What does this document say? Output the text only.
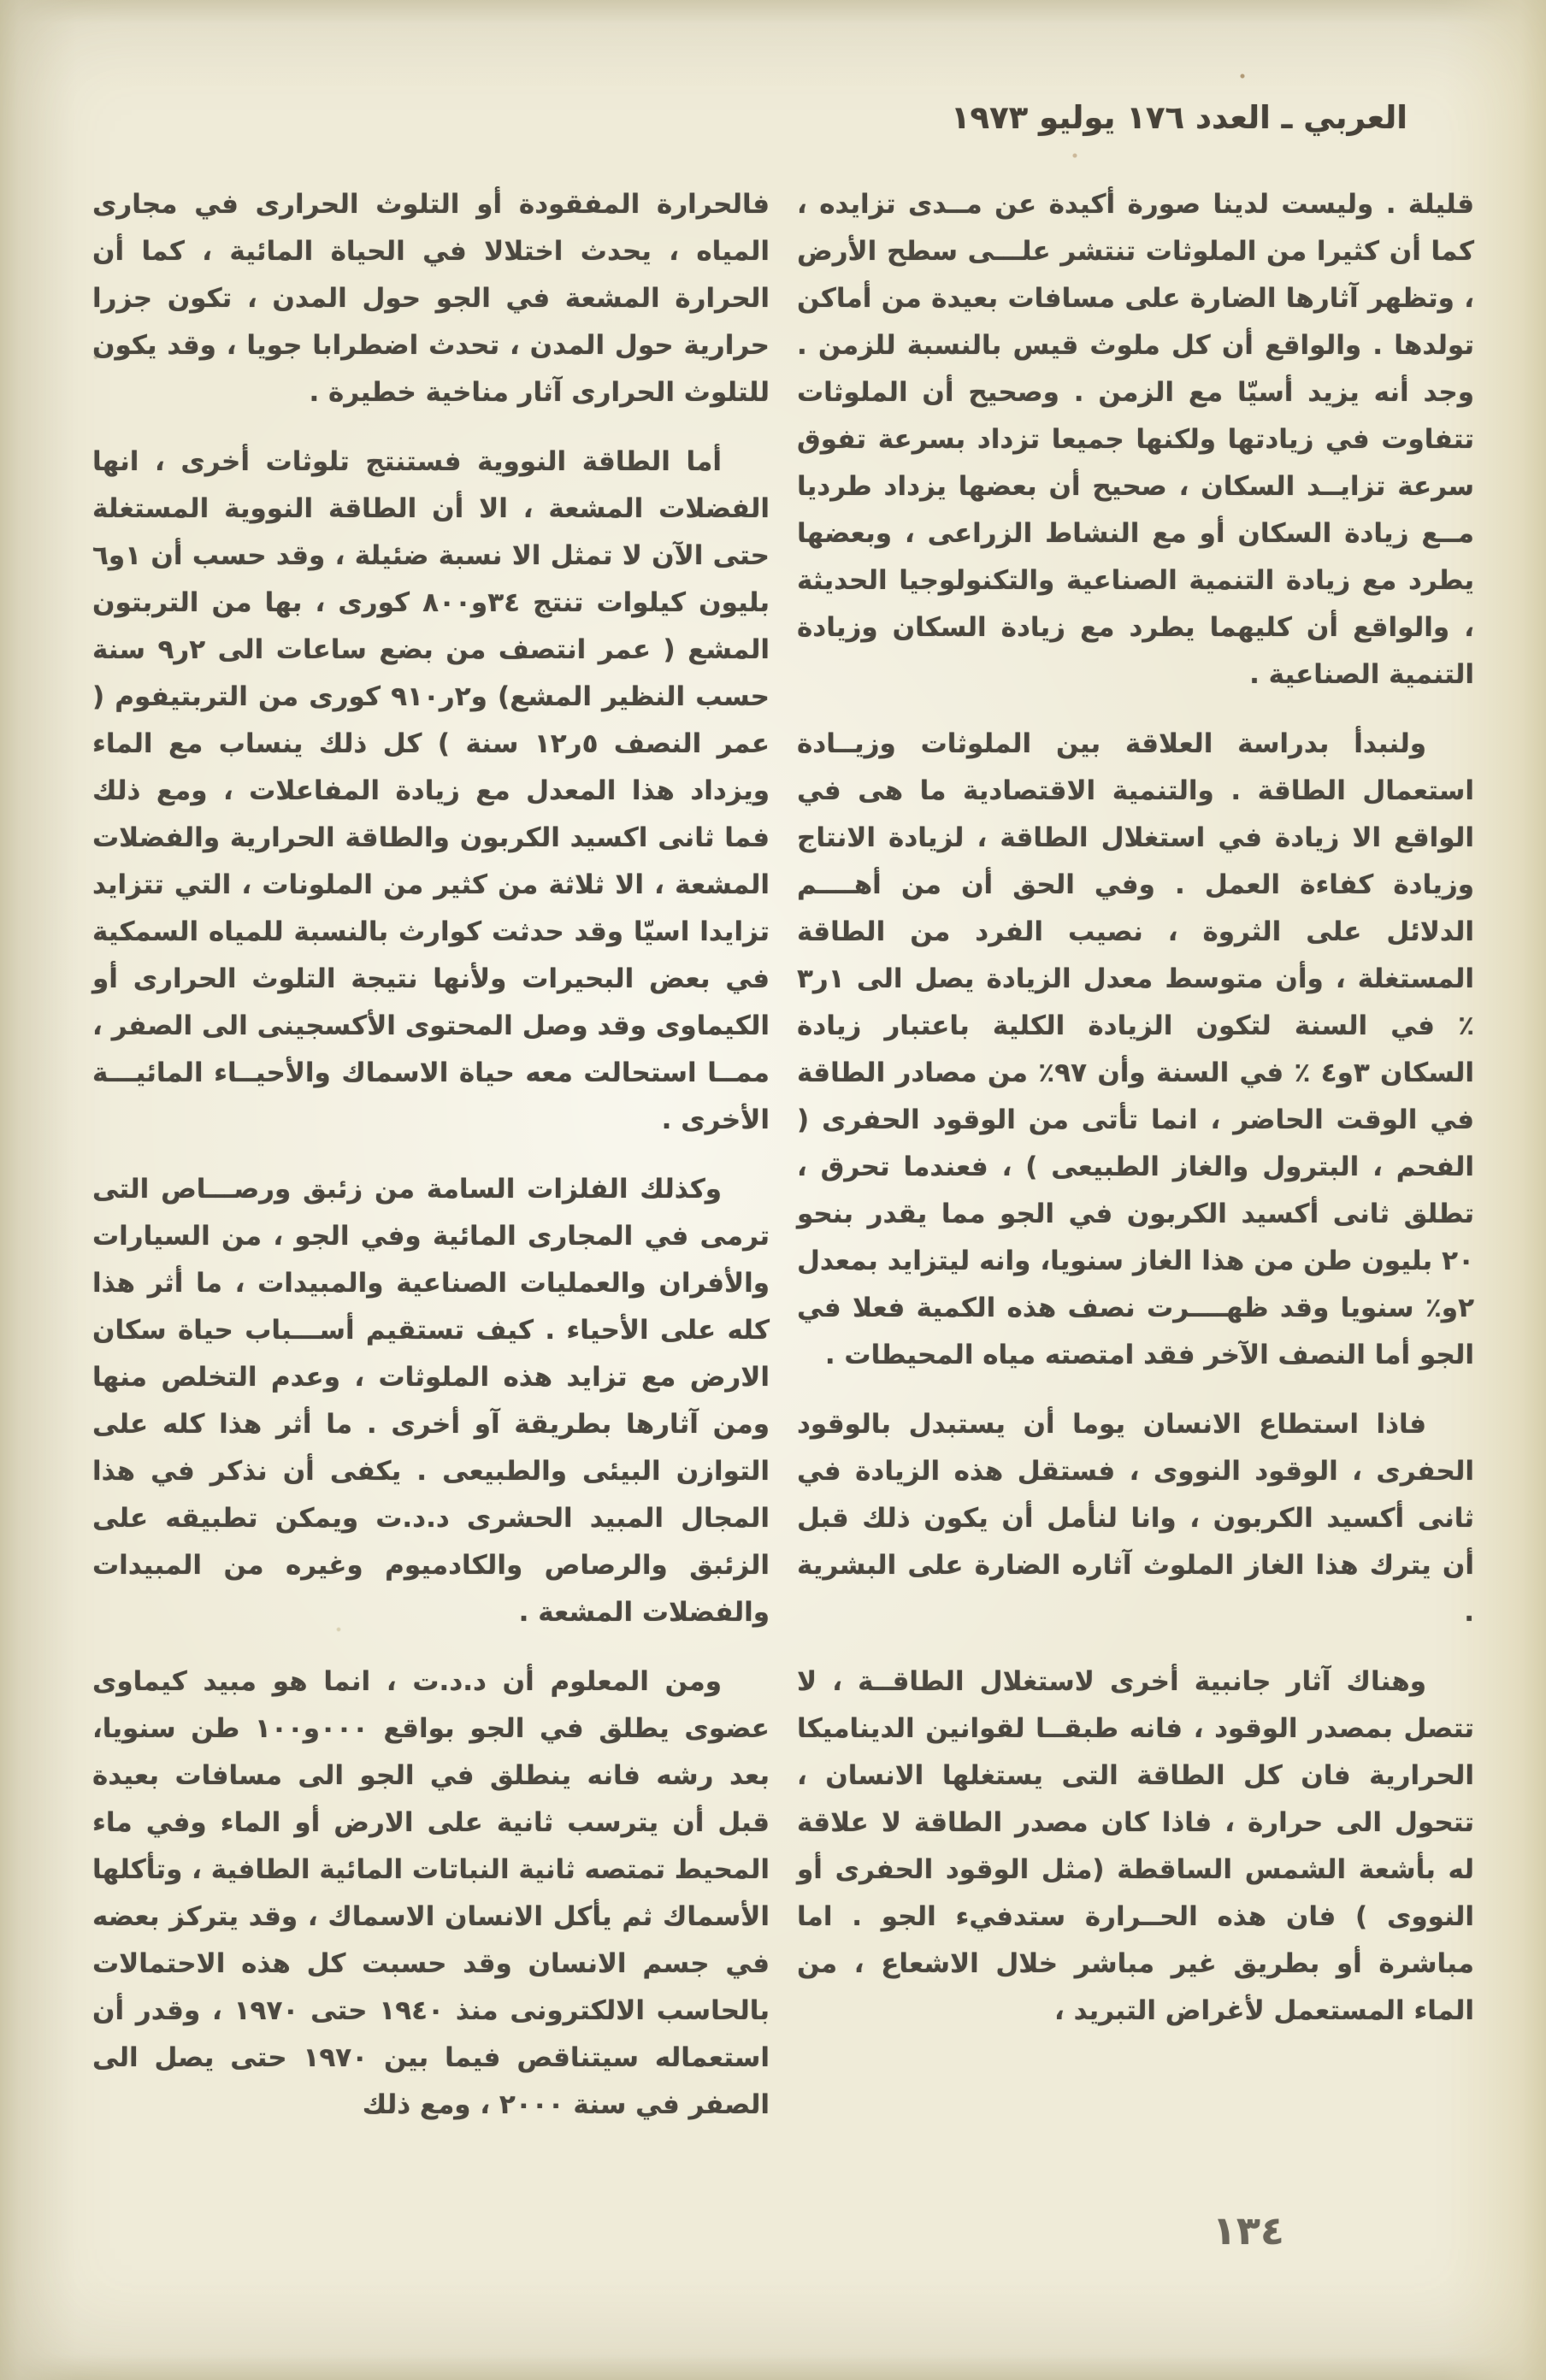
العربي ـ العدد ١٧٦ يوليو ١٩٧٣

قليلة . وليست لدينا صورة أكيدة عن مــدى تزايده ، كما أن كثيرا من الملوثات تنتشر علـــى سطح الأرض ، وتظهر آثارها الضارة على مسافات بعيدة من أماكن تولدها . والواقع أن كل ملوث قيس بالنسبة للزمن . وجد أنه يزيد أسيّا مع الزمن . وصحيح أن الملوثات تتفاوت في زيادتها ولكنها جميعا تزداد بسرعة تفوق سرعة تزايــد السكان ، صحيح أن بعضها يزداد طرديا مــع زيادة السكان أو مع النشاط الزراعى ، وبعضها يطرد مع زيادة التنمية الصناعية والتكنولوجيا الحديثة ، والواقع أن كليهما يطرد مع زيادة السكان وزيادة التنمية الصناعية .

ولنبدأ بدراسة العلاقة بين الملوثات وزيــادة استعمال الطاقة . والتنمية الاقتصادية ما هى في الواقع الا زيادة في استغلال الطاقة ، لزيادة الانتاج وزيادة كفاءة العمل . وفي الحق أن من أهــــم الدلائل على الثروة ، نصيب الفرد من الطاقة المستغلة ، وأن متوسط معدل الزيادة يصل الى ١ر٣ ٪ في السنة لتكون الزيادة الكلية باعتبار زيادة السكان ٣و٤ ٪ في السنة وأن ٩٧٪ من مصادر الطاقة في الوقت الحاضر ، انما تأتى من الوقود الحفرى ( الفحم ، البترول والغاز الطبيعى ) ، فعندما تحرق ، تطلق ثانى أكسيد الكربون في الجو مما يقدر بنحو ٢٠ بليون طن من هذا الغاز سنويا، وانه ليتزايد بمعدل ٢و٪ سنويا وقد ظهــــرت نصف هذه الكمية فعلا في الجو أما النصف الآخر فقد امتصته مياه المحيطات .

فاذا استطاع الانسان يوما أن يستبدل بالوقود الحفرى ، الوقود النووى ، فستقل هذه الزيادة في ثانى أكسيد الكربون ، وانا لنأمل أن يكون ذلك قبل أن يترك هذا الغاز الملوث آثاره الضارة على البشرية .

وهناك آثار جانبية أخرى لاستغلال الطاقــة ، لا تتصل بمصدر الوقود ، فانه طبقــا لقوانين الديناميكا الحرارية فان كل الطاقة التى يستغلها الانسان ، تتحول الى حرارة ، فاذا كان مصدر الطاقة لا علاقة له بأشعة الشمس الساقطة (مثل الوقود الحفرى أو النووى ) فان هذه الحــرارة ستدفيء الجو . اما مباشرة أو بطريق غير مباشر خلال الاشعاع ، من الماء المستعمل لأغراض التبريد ،

فالحرارة المفقودة أو التلوث الحرارى في مجارى المياه ، يحدث اختلالا في الحياة المائية ، كما أن الحرارة المشعة في الجو حول المدن ، تكون جزرا حرارية حول المدن ، تحدث اضطرابا جويا ، وقد يكون للتلوث الحرارى آثار مناخية خطيرة .

أما الطاقة النووية فستنتج تلوثات أخرى ، انها الفضلات المشعة ، الا أن الطاقة النووية المستغلة حتى الآن لا تمثل الا نسبة ضئيلة ، وقد حسب أن ١و٦ بليون كيلوات تنتج ٣٤و٨٠٠ كورى ، بها من التربتون المشع ( عمر انتصف من بضع ساعات الى ٢ر٩ سنة حسب النظير المشع) و٢ر٩١٠ كورى من التربتيفوم ( عمر النصف ٥ر١٢ سنة ) كل ذلك ينساب مع الماء ويزداد هذا المعدل مع زيادة المفاعلات ، ومع ذلك فما ثانى اكسيد الكربون والطاقة الحرارية والفضلات المشعة ، الا ثلاثة من كثير من الملونات ، التي تتزايد تزايدا اسيّا وقد حدثت كوارث بالنسبة للمياه السمكية في بعض البحيرات ولأنها نتيجة التلوث الحرارى أو الكيماوى وقد وصل المحتوى الأكسجينى الى الصفر ، ممــا استحالت معه حياة الاسماك والأحيــاء المائيـــة الأخرى .

وكذلك الفلزات السامة من زئبق ورصـــاص التى ترمى في المجارى المائية وفي الجو ، من السيارات والأفران والعمليات الصناعية والمبيدات ، ما أثر هذا كله على الأحياء . كيف تستقيم أســـباب حياة سكان الارض مع تزايد هذه الملوثات ، وعدم التخلص منها ومن آثارها بطريقة آو أخرى . ما أثر هذا كله على التوازن البيئى والطبيعى . يكفى أن نذكر في هذا المجال المبيد الحشرى د.د.ت ويمكن تطبيقه على الزئبق والرصاص والكادميوم وغيره من المبيدات والفضلات المشعة .

ومن المعلوم أن د.د.ت ، انما هو مبيد كيماوى عضوى يطلق في الجو بواقع ٠٠٠و١٠٠ طن سنويا، بعد رشه فانه ينطلق في الجو الى مسافات بعيدة قبل أن يترسب ثانية على الارض أو الماء وفي ماء المحيط تمتصه ثانية النباتات المائية الطافية ، وتأكلها الأسماك ثم يأكل الانسان الاسماك ، وقد يتركز بعضه في جسم الانسان وقد حسبت كل هذه الاحتمالات بالحاسب الالكترونى منذ ١٩٤٠ حتى ١٩٧٠ ، وقدر أن استعماله سيتناقص فيما بين ١٩٧٠ حتى يصل الى الصفر في سنة ٢٠٠٠ ، ومع ذلك

١٣٤
